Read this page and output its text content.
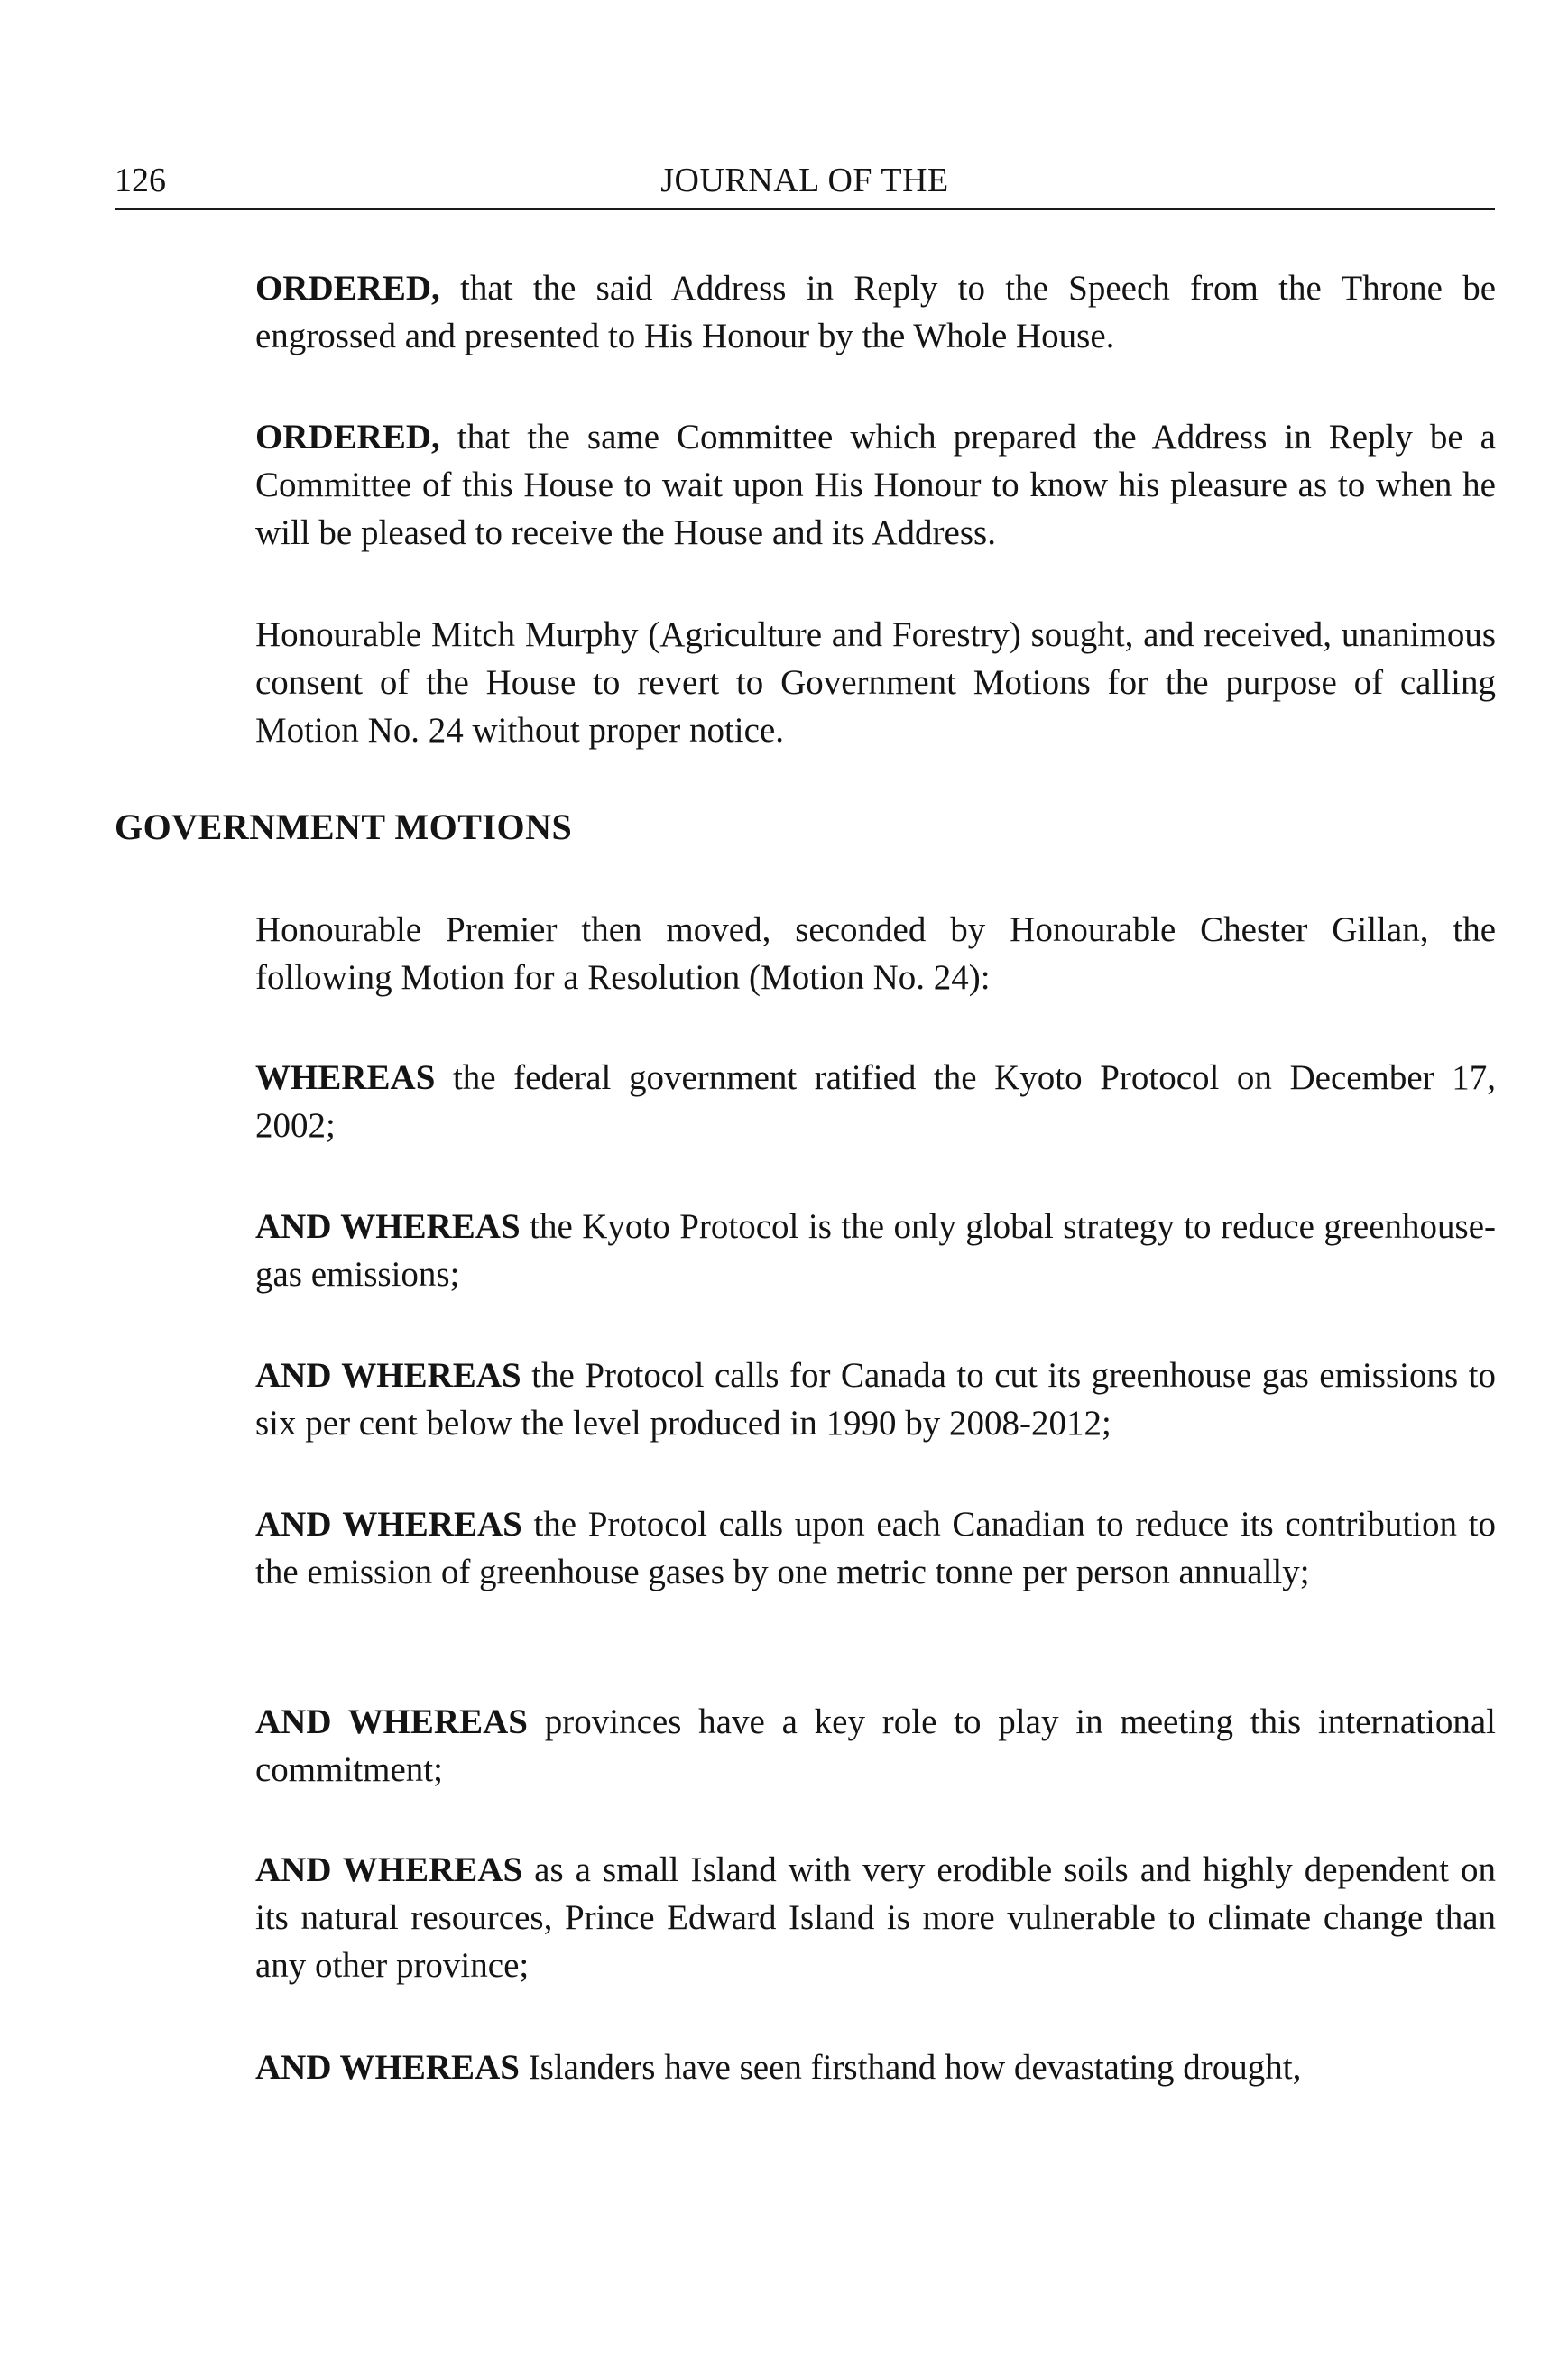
126	JOURNAL OF THE

ORDERED, that the said Address in Reply to the Speech from the Throne be engrossed and presented to His Honour by the Whole House.

ORDERED, that the same Committee which prepared the Address in Reply be a Committee of this House to wait upon His Honour to know his pleasure as to when he will be pleased to receive the House and its Address.

Honourable Mitch Murphy (Agriculture and Forestry) sought, and received, unanimous consent of the House to revert to Government Motions for the purpose of calling Motion No. 24 without proper notice.

GOVERNMENT MOTIONS

Honourable Premier then moved, seconded by Honourable Chester Gillan, the following Motion for a Resolution (Motion No. 24):

WHEREAS the federal government ratified the Kyoto Protocol on December 17, 2002;

AND WHEREAS the Kyoto Protocol is the only global strategy to reduce greenhouse-gas emissions;

AND WHEREAS the Protocol calls for Canada to cut its greenhouse gas emissions to six per cent below the level produced in 1990 by 2008-2012;

AND WHEREAS the Protocol calls upon each Canadian to reduce its contribution to the emission of greenhouse gases by one metric tonne per person annually;

AND WHEREAS provinces have a key role to play in meeting this international commitment;

AND WHEREAS as a small Island with very erodible soils and highly dependent on its natural resources, Prince Edward Island is more vulnerable to climate change than any other province;

AND WHEREAS Islanders have seen firsthand how devastating drought,
